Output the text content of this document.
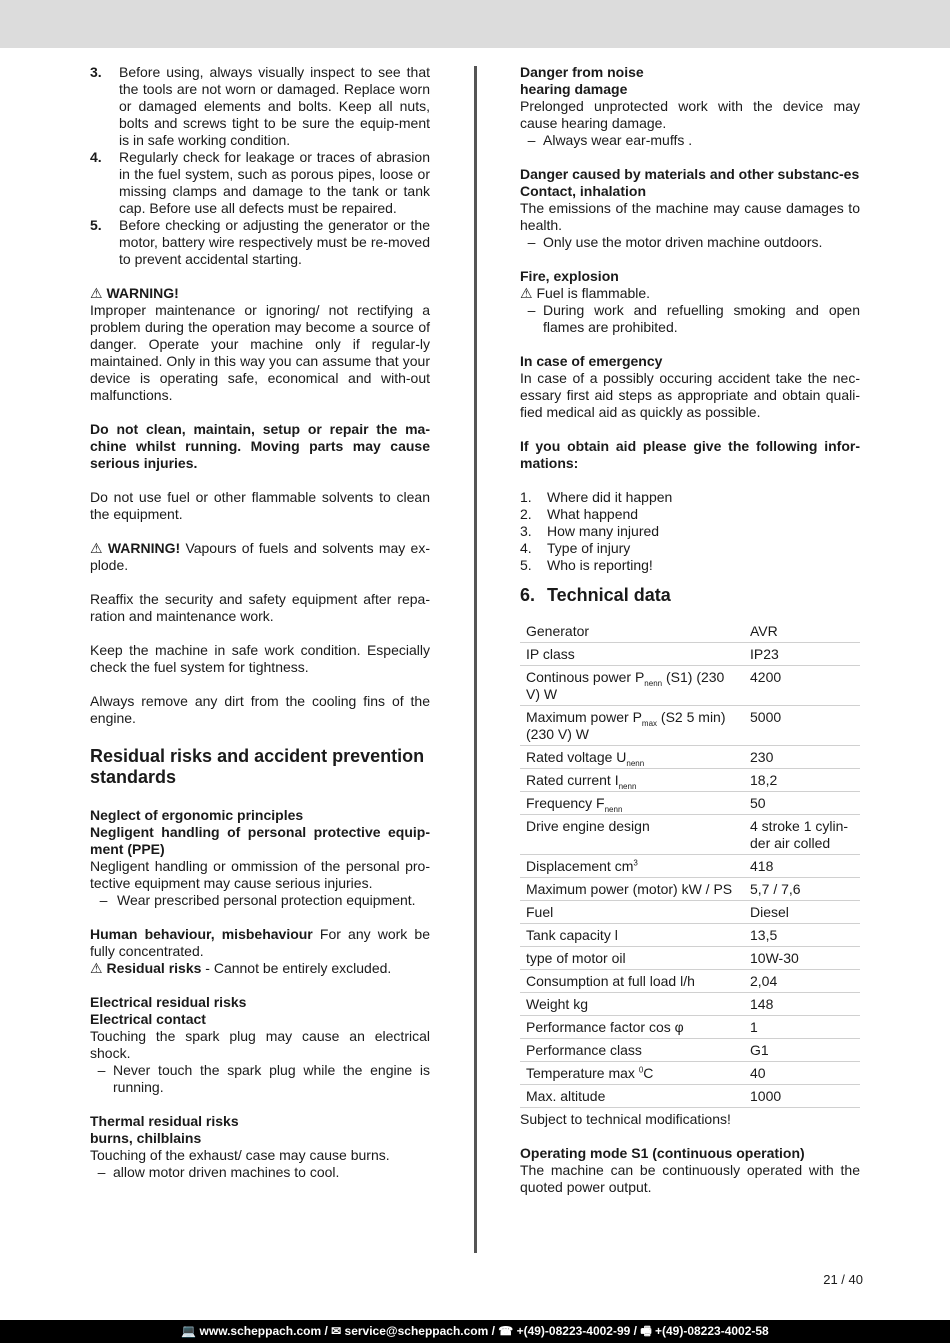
3.	Before using, always visually inspect to see that the tools are not worn or damaged. Replace worn or damaged elements and bolts. Keep all nuts, bolts and screws tight to be sure the equip-ment is in safe working condition.
4.	Regularly check for leakage or traces of abrasion in the fuel system, such as porous pipes, loose or missing clamps and damage to the tank or tank cap. Before use all defects must be repaired.
5.	Before checking or adjusting the generator or the motor, battery wire respectively must be re-moved to prevent accidental starting.

⚠ WARNING!

Improper maintenance or ignoring/ not rectifying a problem during the operation may become a source of danger. Operate your machine only if regular-ly maintained. Only in this way you can assume that your device is operating safe, economical and with-out malfunctions.

Do not clean, maintain, setup or repair the ma-chine whilst running. Moving parts may cause serious injuries.

Do not use fuel or other flammable solvents to clean the equipment.

⚠ WARNING! Vapours of fuels and solvents may ex-plode.

Reaffix the security and safety equipment after repa-ration and maintenance work.

Keep the machine in safe work condition. Especially check the fuel system for tightness.

Always remove any dirt from the cooling fins of the engine.

Residual risks and accident prevention standards

Neglect of ergonomic principles

Negligent handling of personal protective equip-ment (PPE)

Negligent handling or ommission of the personal pro-tective equipment may cause serious injuries.

– Wear prescribed personal protection equipment.

Human behaviour, misbehaviour For any work be fully concentrated.

⚠ Residual risks - Cannot be entirely excluded.

Electrical residual risks

Electrical contact

Touching the spark plug may cause an electrical shock.

– Never touch the spark plug while the engine is running.

Thermal residual risks

burns, chilblains

Touching of the exhaust/ case may cause burns.

– allow motor driven machines to cool.

Danger from noise

hearing damage

Prelonged unprotected work with the device may cause hearing damage.

– Always wear ear-muffs .

Danger caused by materials and other substanc-es

Contact, inhalation

The emissions of the machine may cause damages to health.

– Only use the motor driven machine outdoors.

Fire, explosion

⚠ Fuel is flammable.

– During work and refuelling smoking and open flames are prohibited.

In case of emergency

In case of a possibly occuring accident take the nec-essary first aid steps as appropriate and obtain quali-fied medical aid as quickly as possible.

If you obtain aid please give the following infor-mations:

1.	Where did it happen
2.	What happend
3.	How many injured
4.	Type of injury
5.	Who is reporting!
6. Technical data
Generator	AVR
IP class	IP23
Continous power $P_{nenn}$ (S1) (230 V) W	4200
Maximum power $P_{max}$ (S2 5 min) (230 V) W	5000
Rated voltage $U_{nenn}$	230
Rated current $I_{nenn}$	18,2
Frequency $F_{nenn}$	50
Drive engine design	4 stroke 1 cylin-der air colled
Displacement $cm^3$	418
Maximum power (motor) kW / PS	5,7 / 7,6
Fuel	Diesel
Tank capacity l	13,5
type of motor oil	10W-30
Consumption at full load l/h	2,04
Weight kg	148
Performance factor cos φ	1
Performance class	G1
Temperature max $^0$C	40
Max. altitude	1000

Subject to technical modifications!

Operating mode S1 (continuous operation)

The machine can be continuously operated with the quoted power output.

21 / 40
💻 www.scheppach.com / ✉ service@scheppach.com / ☎ +(49)-08223-4002-99 / 🖷 +(49)-08223-4002-58
